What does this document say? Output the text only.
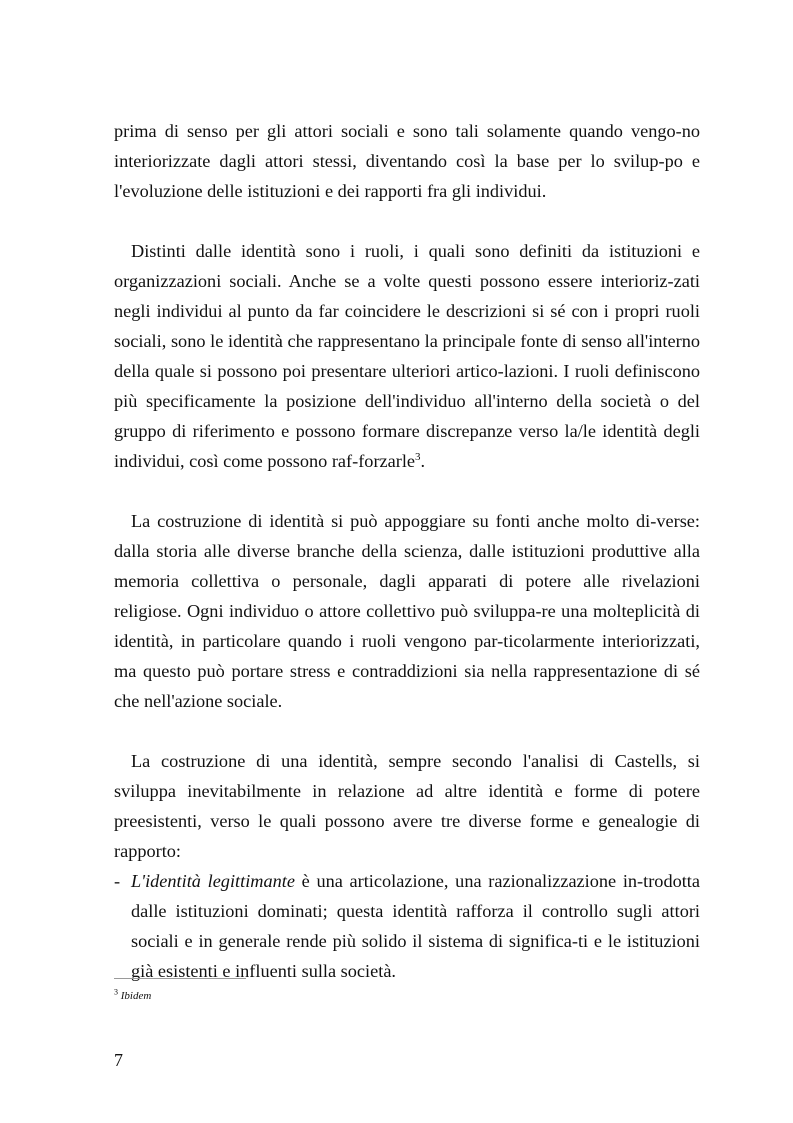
prima di senso per gli attori sociali e sono tali solamente quando vengo-no interiorizzate dagli attori stessi, diventando così la base per lo svilup-po e l'evoluzione delle istituzioni e dei rapporti fra gli individui.

Distinti dalle identità sono i ruoli, i quali sono definiti da istituzioni e organizzazioni sociali. Anche se a volte questi possono essere interioriz-zati negli individui al punto da far coincidere le descrizioni si sé con i propri ruoli sociali, sono le identità che rappresentano la principale fonte di senso all'interno della quale si possono poi presentare ulteriori artico-lazioni. I ruoli definiscono più specificamente la posizione dell'individuo all'interno della società o del gruppo di riferimento e possono formare discrepanze verso la/le identità degli individui, così come possono raf-forzarle$^3$.

La costruzione di identità si può appoggiare su fonti anche molto di-verse: dalla storia alle diverse branche della scienza, dalle istituzioni produttive alla memoria collettiva o personale, dagli apparati di potere alle rivelazioni religiose. Ogni individuo o attore collettivo può sviluppa-re una molteplicità di identità, in particolare quando i ruoli vengono par-ticolarmente interiorizzati, ma questo può portare stress e contraddizioni sia nella rappresentazione di sé che nell'azione sociale.

La costruzione di una identità, sempre secondo l'analisi di Castells, si sviluppa inevitabilmente in relazione ad altre identità e forme di potere preesistenti, verso le quali possono avere tre diverse forme e genealogie di rapporto:

- L'identità legittimante è una articolazione, una razionalizzazione in-trodotta dalle istituzioni dominati; questa identità rafforza il controllo sugli attori sociali e in generale rende più solido il sistema di significa-ti e le istituzioni già esistenti e influenti sulla società.

$^3$ Ibidem
7
